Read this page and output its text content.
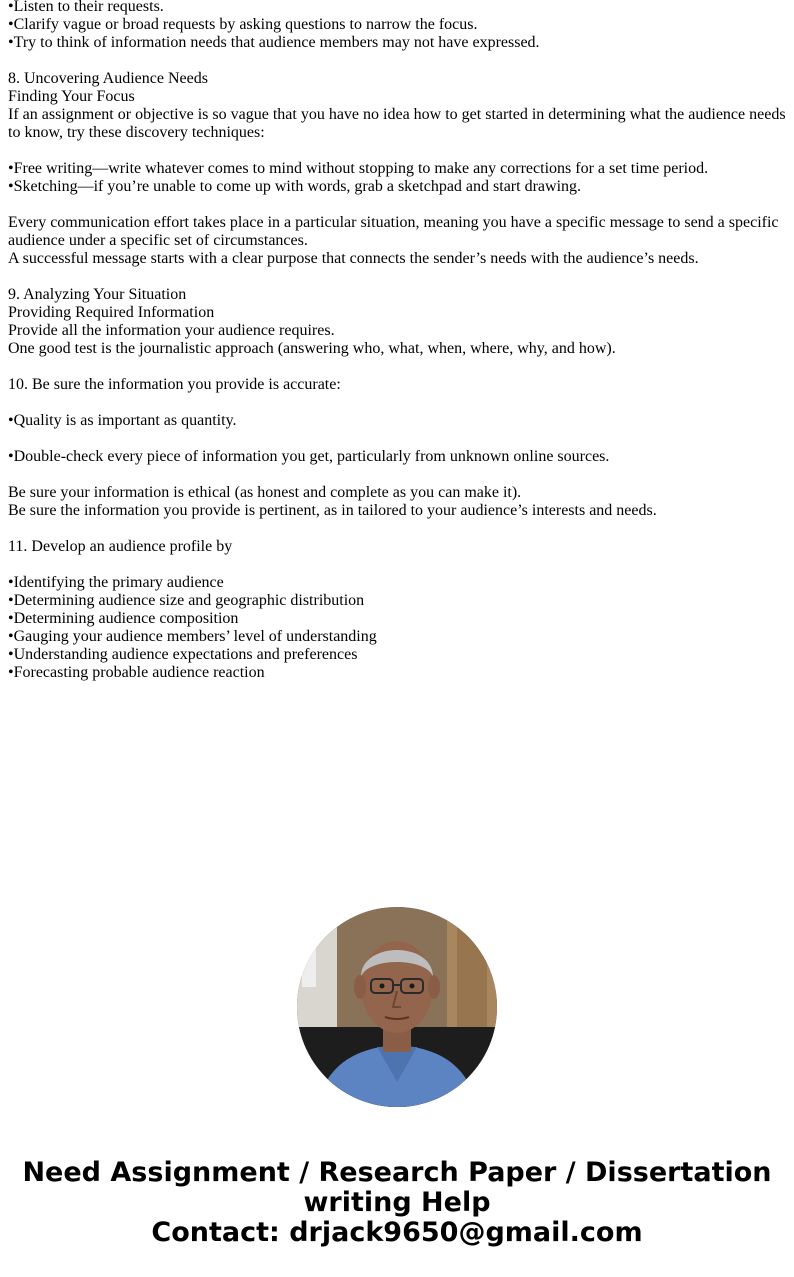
•Listen to their requests.
•Clarify vague or broad requests by asking questions to narrow the focus.
•Try to think of information needs that audience members may not have expressed.
8. Uncovering Audience Needs
Finding Your Focus
If an assignment or objective is so vague that you have no idea how to get started in determining what the audience needs to know, try these discovery techniques:
•Free writing—write whatever comes to mind without stopping to make any corrections for a set time period.
•Sketching—if you’re unable to come up with words, grab a sketchpad and start drawing.
Every communication effort takes place in a particular situation, meaning you have a specific message to send a specific audience under a specific set of circumstances.
A successful message starts with a clear purpose that connects the sender’s needs with the audience’s needs.
9. Analyzing Your Situation
Providing Required Information
Provide all the information your audience requires.
One good test is the journalistic approach (answering who, what, when, where, why, and how).
10. Be sure the information you provide is accurate:
•Quality is as important as quantity.
•Double-check every piece of information you get, particularly from unknown online sources.
Be sure your information is ethical (as honest and complete as you can make it).
Be sure the information you provide is pertinent, as in tailored to your audience’s interests and needs.
11. Develop an audience profile by
•Identifying the primary audience
•Determining audience size and geographic distribution
•Determining audience composition
•Gauging your audience members’ level of understanding
•Understanding audience expectations and preferences
•Forecasting probable audience reaction
Need Assignment / Research Paper / Dissertation
writing Help
Contact: drjack9650@gmail.com
